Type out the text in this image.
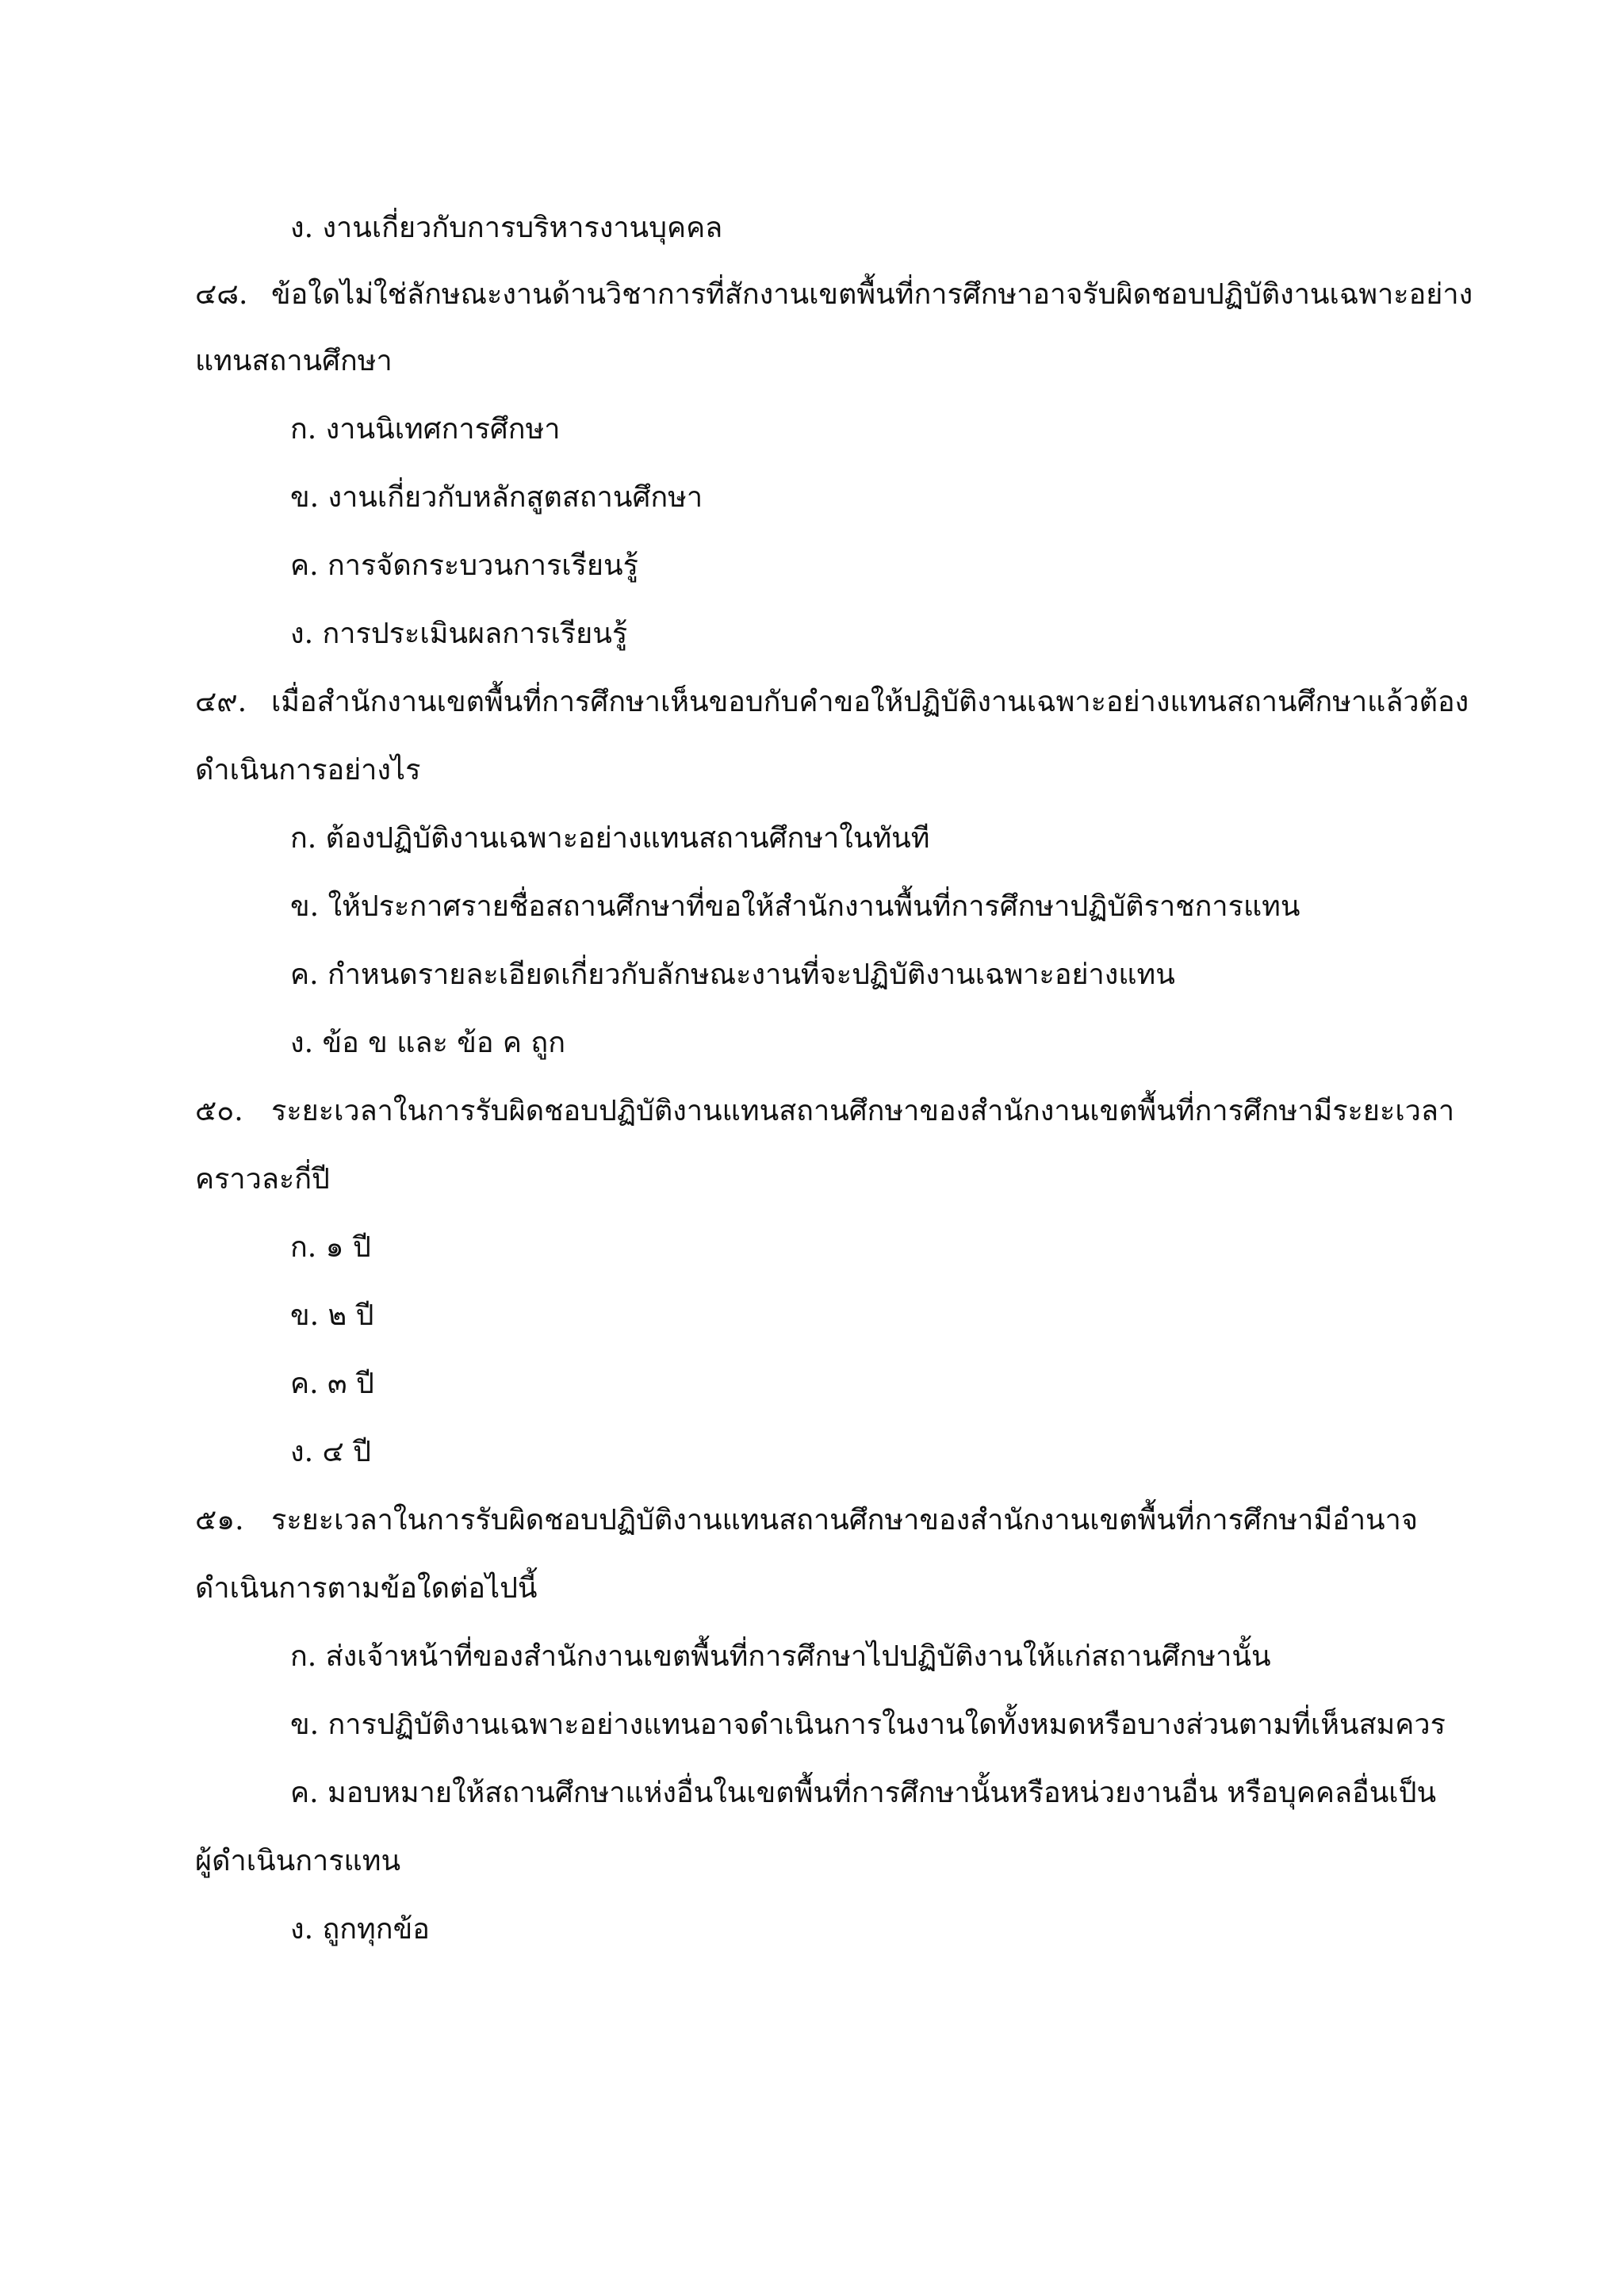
ง. งานเกี่ยวกับการบริหารงานบุคคล
๔๘. ข้อใดไม่ใช่ลักษณะงานด้านวิชาการที่สักงานเขตพื้นที่การศึกษาอาจรับผิดชอบปฏิบัติงานเฉพาะอย่าง
แทนสถานศึกษา
ก. งานนิเทศการศึกษา
ข. งานเกี่ยวกับหลักสูตสถานศึกษา
ค. การจัดกระบวนการเรียนรู้
ง. การประเมินผลการเรียนรู้
๔๙. เมื่อสำนักงานเขตพื้นที่การศึกษาเห็นขอบกับคำขอให้ปฏิบัติงานเฉพาะอย่างแทนสถานศึกษาแล้วต้อง
ดำเนินการอย่างไร
ก. ต้องปฏิบัติงานเฉพาะอย่างแทนสถานศึกษาในทันที
ข. ให้ประกาศรายชื่อสถานศึกษาที่ขอให้สำนักงานพื้นที่การศึกษาปฏิบัติราชการแทน
ค. กำหนดรายละเอียดเกี่ยวกับลักษณะงานที่จะปฏิบัติงานเฉพาะอย่างแทน
ง. ข้อ ข และ ข้อ ค ถูก
๕๐. ระยะเวลาในการรับผิดชอบปฏิบัติงานแทนสถานศึกษาของสำนักงานเขตพื้นที่การศึกษามีระยะเวลา
คราวละกี่ปี
ก. ๑ ปี
ข. ๒ ปี
ค. ๓ ปี
ง. ๔ ปี
๕๑. ระยะเวลาในการรับผิดชอบปฏิบัติงานแทนสถานศึกษาของสำนักงานเขตพื้นที่การศึกษามีอำนาจ
ดำเนินการตามข้อใดต่อไปนี้
ก. ส่งเจ้าหน้าที่ของสำนักงานเขตพื้นที่การศึกษาไปปฏิบัติงานให้แก่สถานศึกษานั้น
ข. การปฏิบัติงานเฉพาะอย่างแทนอาจดำเนินการในงานใดทั้งหมดหรือบางส่วนตามที่เห็นสมควร
ค. มอบหมายให้สถานศึกษาแห่งอื่นในเขตพื้นที่การศึกษานั้นหรือหน่วยงานอื่น หรือบุคคลอื่นเป็น
ผู้ดำเนินการแทน
ง. ถูกทุกข้อ
